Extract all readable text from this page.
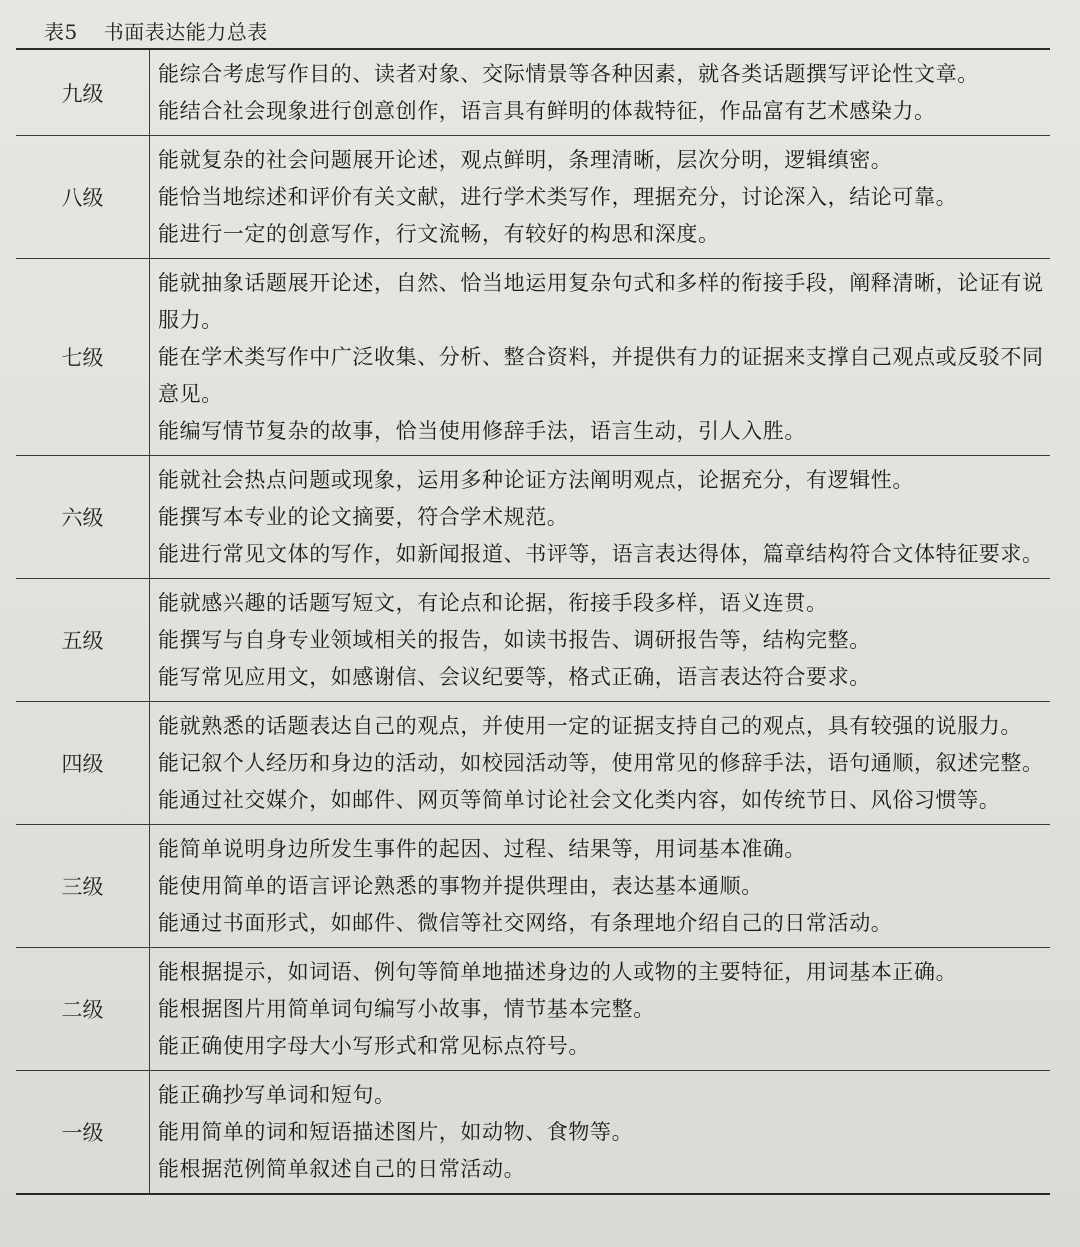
表5 书面表达能力总表
九级
能综合考虑写作目的、读者对象、交际情景等各种因素，就各类话题撰写评论性文章。
能结合社会现象进行创意创作，语言具有鲜明的体裁特征，作品富有艺术感染力。
八级
能就复杂的社会问题展开论述，观点鲜明，条理清晰，层次分明，逻辑缜密。
能恰当地综述和评价有关文献，进行学术类写作，理据充分，讨论深入，结论可靠。
能进行一定的创意写作，行文流畅，有较好的构思和深度。
七级
能就抽象话题展开论述，自然、恰当地运用复杂句式和多样的衔接手段，阐释清晰，论证有说服力。
能在学术类写作中广泛收集、分析、整合资料，并提供有力的证据来支撑自己观点或反驳不同意见。
能编写情节复杂的故事，恰当使用修辞手法，语言生动，引人入胜。
六级
能就社会热点问题或现象，运用多种论证方法阐明观点，论据充分，有逻辑性。
能撰写本专业的论文摘要，符合学术规范。
能进行常见文体的写作，如新闻报道、书评等，语言表达得体，篇章结构符合文体特征要求。
五级
能就感兴趣的话题写短文，有论点和论据，衔接手段多样，语义连贯。
能撰写与自身专业领域相关的报告，如读书报告、调研报告等，结构完整。
能写常见应用文，如感谢信、会议纪要等，格式正确，语言表达符合要求。
四级
能就熟悉的话题表达自己的观点，并使用一定的证据支持自己的观点，具有较强的说服力。
能记叙个人经历和身边的活动，如校园活动等，使用常见的修辞手法，语句通顺，叙述完整。
能通过社交媒介，如邮件、网页等简单讨论社会文化类内容，如传统节日、风俗习惯等。
三级
能简单说明身边所发生事件的起因、过程、结果等，用词基本准确。
能使用简单的语言评论熟悉的事物并提供理由，表达基本通顺。
能通过书面形式，如邮件、微信等社交网络，有条理地介绍自己的日常活动。
二级
能根据提示，如词语、例句等简单地描述身边的人或物的主要特征，用词基本正确。
能根据图片用简单词句编写小故事，情节基本完整。
能正确使用字母大小写形式和常见标点符号。
一级
能正确抄写单词和短句。
能用简单的词和短语描述图片，如动物、食物等。
能根据范例简单叙述自己的日常活动。
